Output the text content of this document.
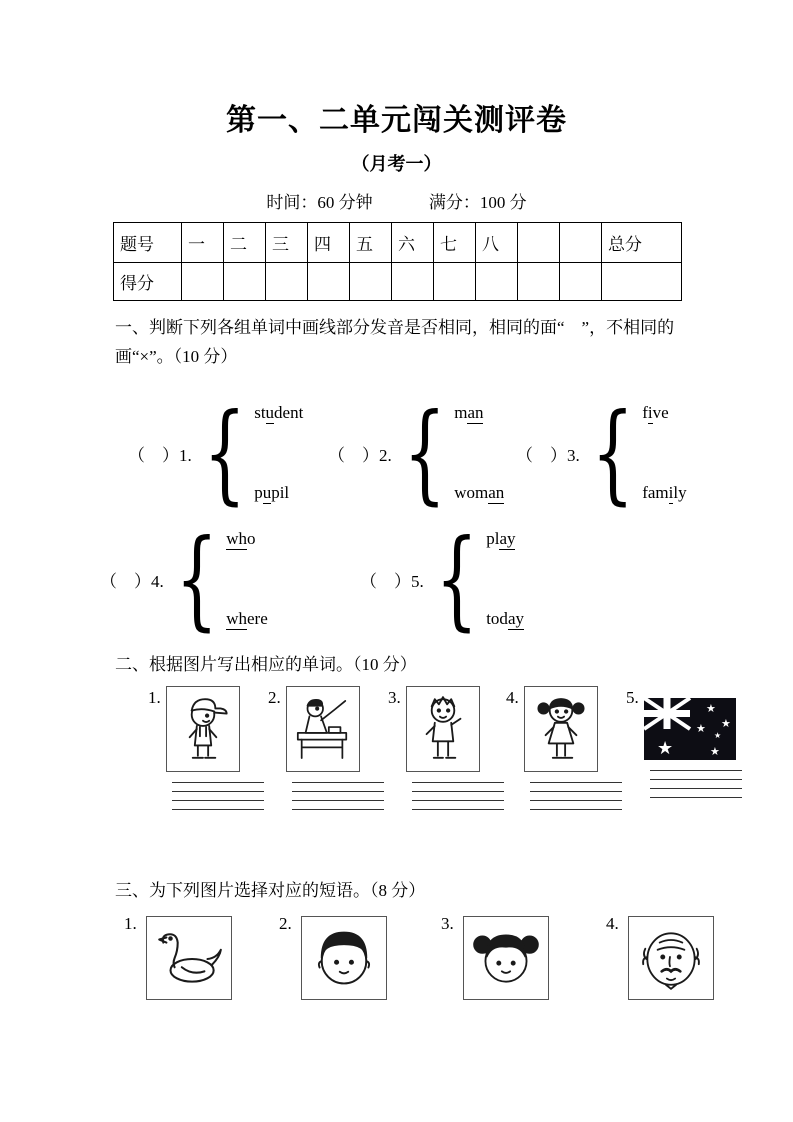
第一、二单元闯关测评卷
（月考一）
时间：60 分钟	满分：100 分
题号	一	二	三	四	五	六	七	八			总分
得分											
一、判断下列各组单词中画线部分发音是否相同，相同的面“　”，不相同的画“×”。（10 分）
（　）1. { student
pupil
（　）2. { man
woman
（　）3. { five
family
（　）4. { who
where
（　）5. { play
today
二、根据图片写出相应的单词。（10 分）
1.	2.	3.	4.	5.
★
★
★
★
★
★
三、为下列图片选择对应的短语。（8 分）
1.	2.	3.	4.
